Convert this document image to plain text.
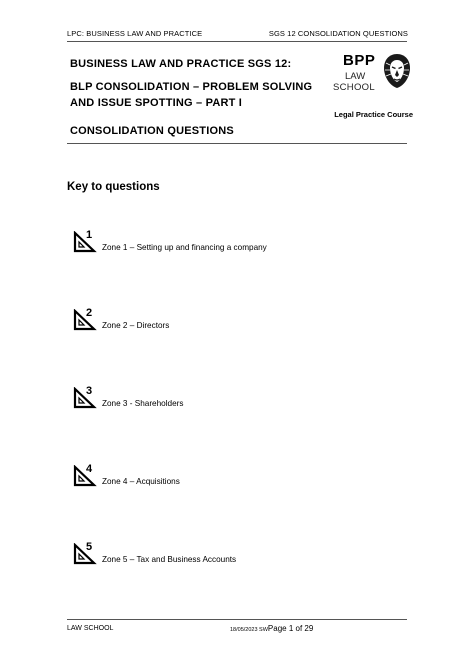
LPC: BUSINESS LAW AND PRACTICE	SGS 12 CONSOLIDATION QUESTIONS
BUSINESS LAW AND PRACTICE SGS 12:
BLP CONSOLIDATION – PROBLEM SOLVING
AND ISSUE SPOTTING – PART I
CONSOLIDATION QUESTIONS
BPP
LAW
SCHOOL
Legal Practice Course
Key to questions
1
Zone 1 – Setting up and financing a company
2
Zone 2 – Directors
3
Zone 3 - Shareholders
4
Zone 4 – Acquisitions
5
Zone 5 – Tax and Business Accounts
LAW SCHOOL	18/05/2023 SWPage 1 of 29
